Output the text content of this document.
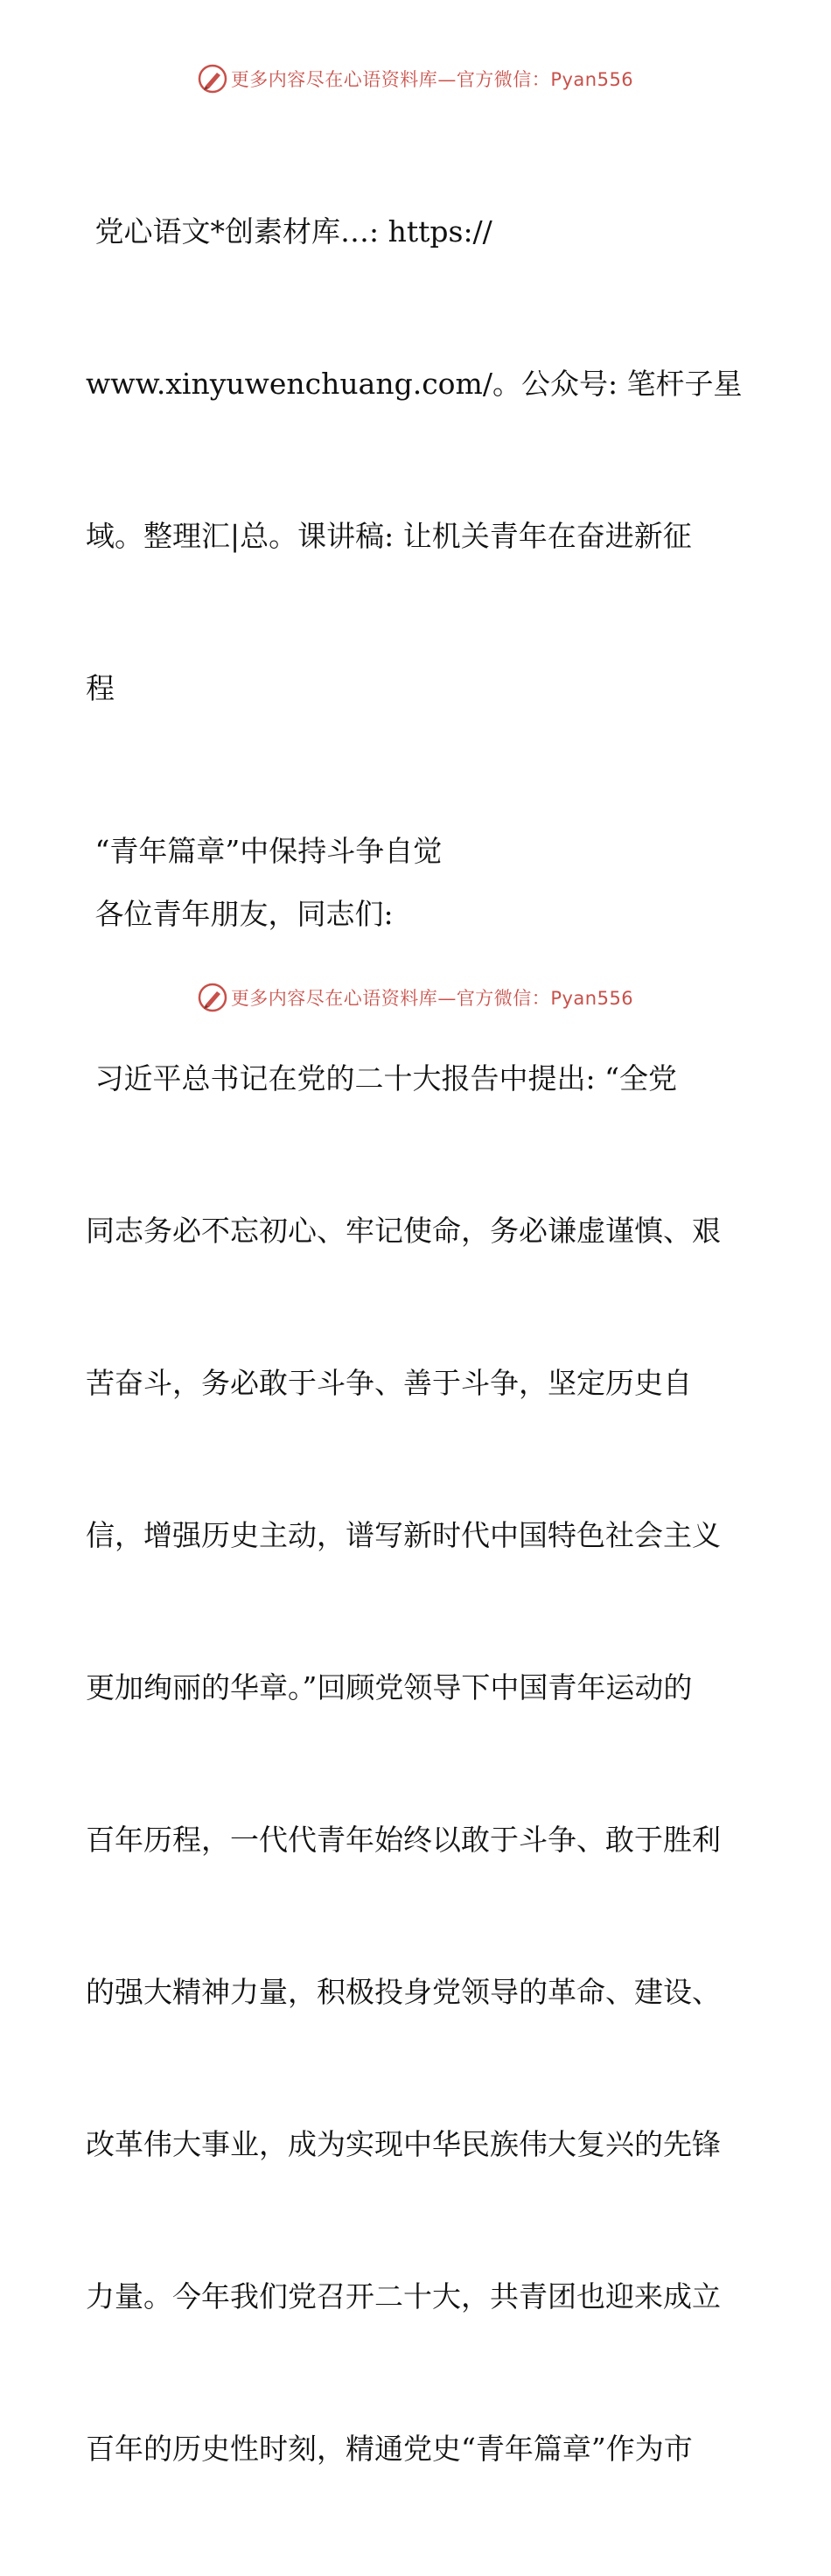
更多内容尽在心语资料库—官方微信：Pyan556

党心语文*创素材库…: https://

www.xinyuwenchuang.com/。公众号: 笔杆子星

域。整理汇|总。课讲稿: 让机关青年在奋进新征

程

“青年篇章”中保持斗争自觉
各位青年朋友，同志们:

习近平总书记在党的二十大报告中提出: “全党

同志务必不忘初心、牢记使命，务必谦虚谨慎、艰

苦奋斗，务必敢于斗争、善于斗争，坚定历史自

信，增强历史主动，谱写新时代中国特色社会主义

更加绚丽的华章。”回顾党领导下中国青年运动的

百年历程，一代代青年始终以敢于斗争、敢于胜利

的强大精神力量，积极投身党领导的革命、建设、

改革伟大事业，成为实现中华民族伟大复兴的先锋

力量。今年我们党召开二十大，共青团也迎来成立

百年的历史性时刻，精通党史“青年篇章”作为市

更多内容尽在心语资料库—官方微信：Pyan556
